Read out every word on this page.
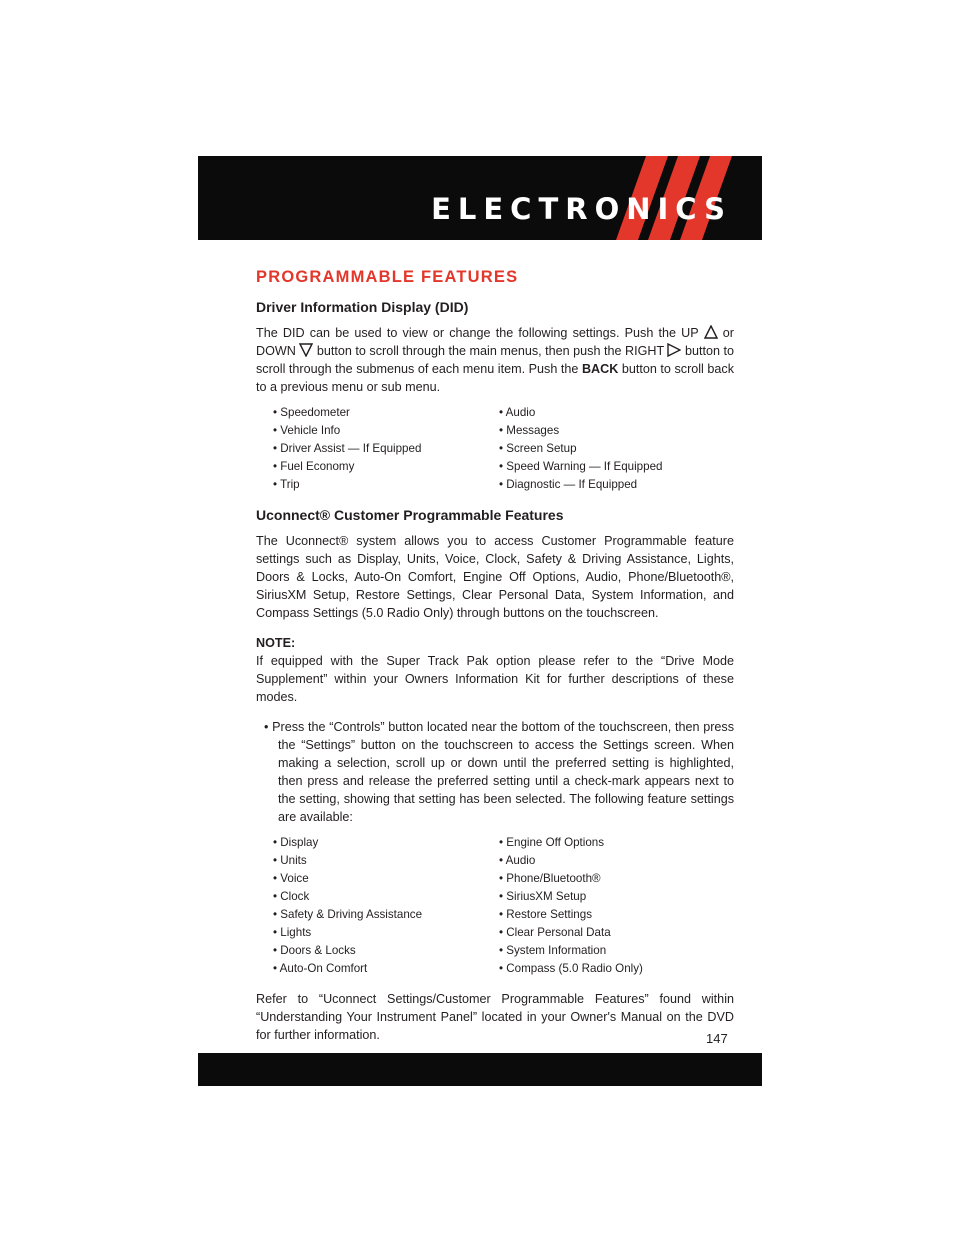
ELECTRONICS
PROGRAMMABLE FEATURES
Driver Information Display (DID)

The DID can be used to view or change the following settings. Push the UP or DOWN button to scroll through the main menus, then push the RIGHT button to scroll through the submenus of each menu item. Push the BACK button to scroll back to a previous menu or sub menu.

• Speedometer	• Audio
• Vehicle Info	• Messages
• Driver Assist — If Equipped	• Screen Setup
• Fuel Economy	• Speed Warning — If Equipped
• Trip	• Diagnostic — If Equipped
Uconnect® Customer Programmable Features

The Uconnect® system allows you to access Customer Programmable feature settings such as Display, Units, Voice, Clock, Safety & Driving Assistance, Lights, Doors & Locks, Auto-On Comfort, Engine Off Options, Audio, Phone/Bluetooth®, SiriusXM Setup, Restore Settings, Clear Personal Data, System Information, and Compass Settings (5.0 Radio Only) through buttons on the touchscreen.

NOTE:

If equipped with the Super Track Pak option please refer to the “Drive Mode Supplement” within your Owners Information Kit for further descriptions of these modes.

• Press the “Controls” button located near the bottom of the touchscreen, then press the “Settings” button on the touchscreen to access the Settings screen. When making a selection, scroll up or down until the preferred setting is highlighted, then press and release the preferred setting until a check-mark appears next to the setting, showing that setting has been selected. The following feature settings are available:

• Display	• Engine Off Options
• Units	• Audio
• Voice	• Phone/Bluetooth®
• Clock	• SiriusXM Setup
• Safety & Driving Assistance	• Restore Settings
• Lights	• Clear Personal Data
• Doors & Locks	• System Information
• Auto-On Comfort	• Compass (5.0 Radio Only)

Refer to “Uconnect Settings/Customer Programmable Features” found within “Understanding Your Instrument Panel” located in your Owner's Manual on the DVD for further information.	147
